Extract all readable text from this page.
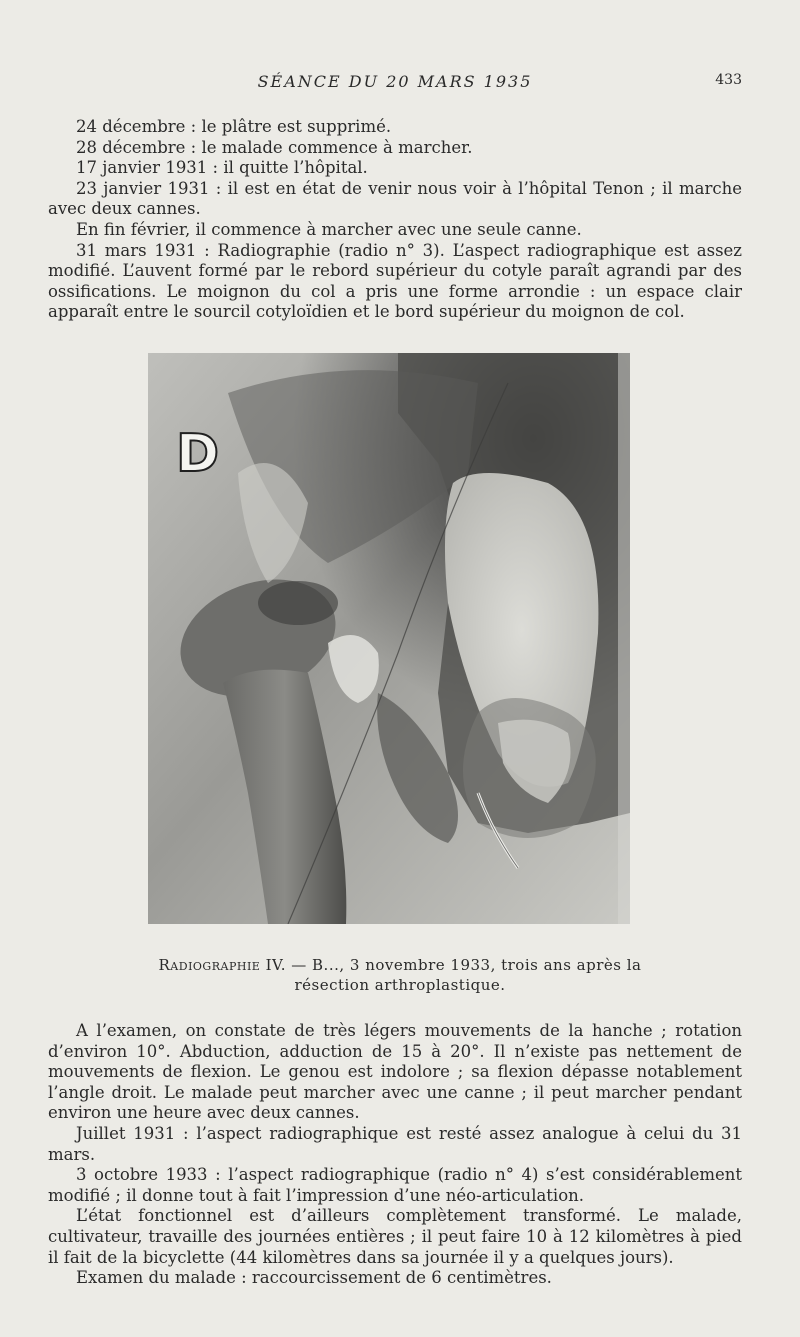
SÉANCE DU 20 MARS 1935	433

24 décembre : le plâtre est supprimé.

28 décembre : le malade commence à marcher.

17 janvier 1931 : il quitte l’hôpital.

23 janvier 1931 : il est en état de venir nous voir à l’hôpital Tenon ; il marche avec deux cannes.

En fin février, il commence à marcher avec une seule canne.

31 mars 1931 : Radiographie (radio n° 3). L’aspect radiographique est assez modifié. L’auvent formé par le rebord supérieur du cotyle paraît agrandi par des ossifications. Le moignon du col a pris une forme arrondie : un espace clair apparaît entre le sourcil cotyloïdien et le bord supérieur du moignon de col.

D
Radiographie IV. — B..., 3 novembre 1933, trois ans après la résection arthroplastique.

A l’examen, on constate de très légers mouvements de la hanche ; rotation d’environ 10°. Abduction, adduction de 15 à 20°. Il n’existe pas nettement de mouvements de flexion. Le genou est indolore ; sa flexion dépasse notablement l’angle droit. Le malade peut marcher avec une canne ; il peut marcher pendant environ une heure avec deux cannes.

Juillet 1931 : l’aspect radiographique est resté assez analogue à celui du 31 mars.

3 octobre 1933 : l’aspect radiographique (radio n° 4) s’est considérablement modifié ; il donne tout à fait l’impression d’une néo-articulation.

L’état fonctionnel est d’ailleurs complètement transformé. Le malade, cultivateur, travaille des journées entières ; il peut faire 10 à 12 kilomètres à pied il fait de la bicyclette (44 kilomètres dans sa journée il y a quelques jours).

Examen du malade : raccourcissement de 6 centimètres.
